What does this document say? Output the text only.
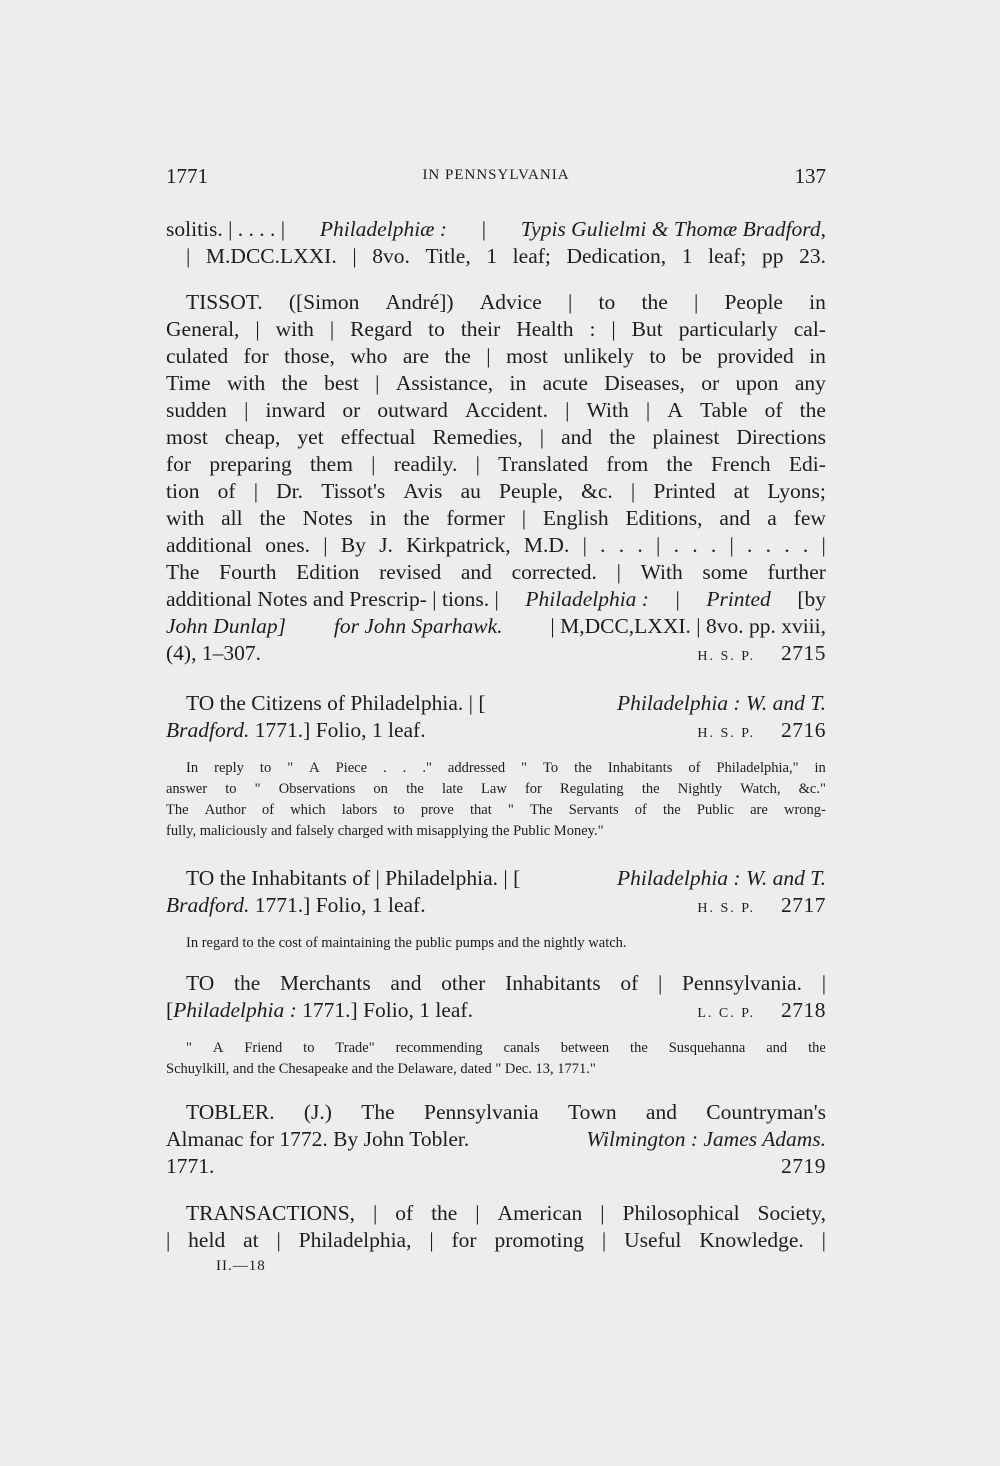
1771	IN PENNSYLVANIA	137
solitis. | . . . . | Philadelphiæ : | Typis Gulielmi & Thomæ Bradford,
| M.DCC.LXXI. | 8vo. Title, 1 leaf; Dedication, 1 leaf; pp 23.
TISSOT. ([Simon André]) Advice | to the | People in
General, | with | Regard to their Health : | But particularly cal-
culated for those, who are the | most unlikely to be provided in
Time with the best | Assistance, in acute Diseases, or upon any
sudden | inward or outward Accident. | With | A Table of the
most cheap, yet effectual Remedies, | and the plainest Directions
for preparing them | readily. | Translated from the French Edi-
tion of | Dr. Tissot's Avis au Peuple, &c. | Printed at Lyons;
with all the Notes in the former | English Editions, and a few
additional ones. | By J. Kirkpatrick, M.D. | . . . | . . . | . . . . |
The Fourth Edition revised and corrected. | With some further
additional Notes and Prescrip- | tions. | Philadelphia : | Printed [by
John Dunlap] for John Sparhawk. | M,DCC,LXXI. | 8vo. pp. xviii,
(4), 1–307.	H. S. P. 2715
TO the Citizens of Philadelphia. | [	Philadelphia : W. and T.
Bradford.
1771.] Folio, 1 leaf.	H. S. P. 2716
In reply to " A Piece . . ." addressed " To the Inhabitants of Philadelphia," in
answer to " Observations on the late Law for Regulating the Nightly Watch, &c."
The Author of which labors to prove that " The Servants of the Public are wrong-
fully, maliciously and falsely charged with misapplying the Public Money."
TO the Inhabitants of | Philadelphia. | [	Philadelphia : W. and T.
Bradford.
1771.] Folio, 1 leaf.	H. S. P. 2717
In regard to the cost of maintaining the public pumps and the nightly watch.
TO the Merchants and other Inhabitants of | Pennsylvania. |
[ Philadelphia :
1771.] Folio, 1 leaf.	L. C. P. 2718
" A Friend to Trade" recommending canals between the Susquehanna and the
Schuylkill, and the Chesapeake and the Delaware, dated " Dec. 13, 1771."
TOBLER. (J.) The Pennsylvania Town and Countryman's
Almanac for 1772. By John Tobler.	Wilmington : James Adams.
1771.	2719
TRANSACTIONS, | of the | American | Philosophical Society,
| held at | Philadelphia, | for promoting | Useful Knowledge. |
II.—18
